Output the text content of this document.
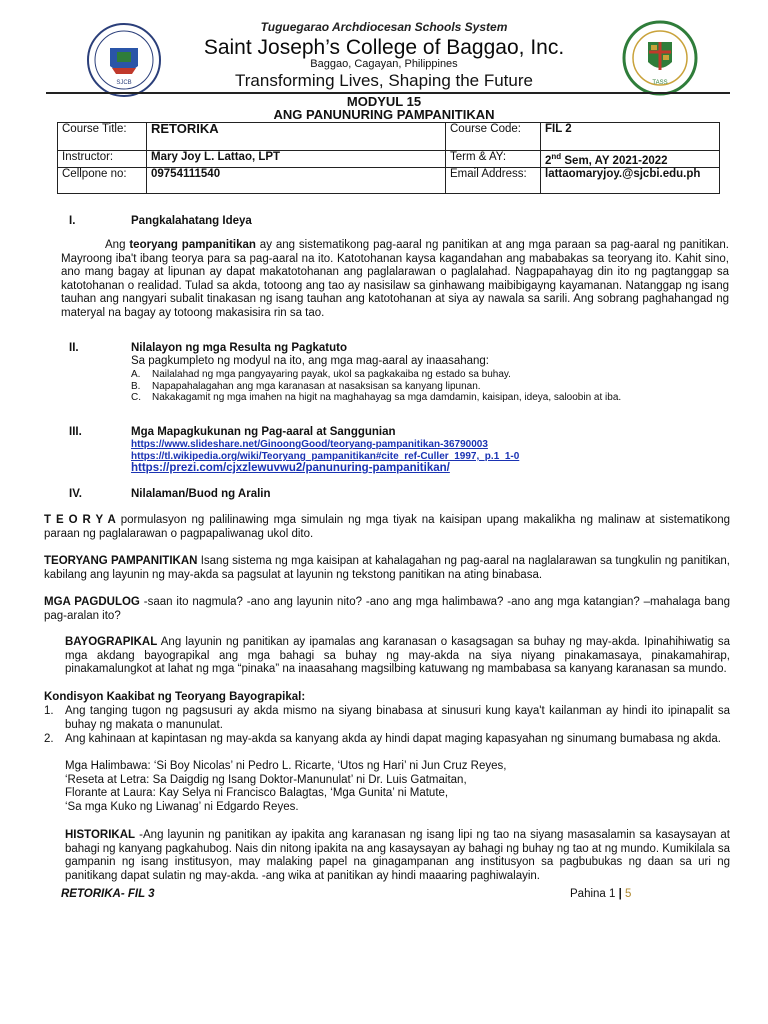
Tuguegarao Archdiocesan Schools System
Saint Joseph’s College of Baggao, Inc.
Baggao, Cagayan, Philippines
Transforming Lives, Shaping the Future
SJCB	TASS
MODYUL 15
ANG PANUNURING PAMPANITIKAN
Course Title:	RETORIKA	Course Code:	FIL 2
Instructor:	Mary Joy L. Lattao, LPT	Term & AY:	2nd Sem, AY 2021-2022
Cellpone no:	09754111540	Email Address:	lattaomaryjoy.@sjcbi.edu.ph
I.	Pangkalahatang Ideya
Ang teoryang pampanitikan ay ang sistematikong pag-aaral ng panitikan at ang mga paraan sa pag-aaral ng panitikan. Mayroong iba't ibang teorya para sa pag-aaral na ito. Katotohanan kaysa kagandahan ang mababakas sa teoryang ito. Kahit sino, ano mang bagay at lipunan ay dapat makatotohanan ang paglalarawan o paglalahad. Nagpapahayag din ito ng pagtanggap sa katotohanan o realidad. Tulad sa akda, totoong ang tao ay nasisilaw sa ginhawang maibibigayng kayamanan. Natanggap ng isang tauhan ang nangyari subalit tinakasan ng isang tauhan ang katotohanan at siya ay nawala sa sarili. Ang sobrang paghahangad ng materyal na bagay ay totoong makasisira rin sa tao.
II.	Nilalayon ng mga Resulta ng Pagkatuto
Sa pagkumpleto ng modyul na ito, ang mga mag-aaral ay inaasahang:
A.	Nailalahad ng mga pangyayaring payak, ukol sa pagkakaiba ng estado sa buhay.
B.	Napapahalagahan ang mga karanasan at nasaksisan sa kanyang lipunan.
C.	Nakakagamit ng mga imahen na higit na maghahayag sa mga damdamin, kaisipan, ideya, saloobin at iba.
III.	Mga Mapagkukunan ng Pag-aaral at Sanggunian
https://www.slideshare.net/GinoongGood/teoryang-pampanitikan-36790003
https://tl.wikipedia.org/wiki/Teoryang_pampanitikan#cite_ref-Culler_1997,_p.1_1-0
https://prezi.com/cjxzlewuvwu2/panunuring-pampanitikan/
IV.	Nilalaman/Buod ng Aralin
T E O R Y A pormulasyon ng palilinawing mga simulain ng mga tiyak na kaisipan upang makalikha ng malinaw at sistematikong paraan ng paglalarawan o pagpapaliwanag ukol dito.
TEORYANG PAMPANITIKAN Isang sistema ng mga kaisipan at kahalagahan ng pag-aaral na naglalarawan sa tungkulin ng panitikan, kabilang ang layunin ng may-akda sa pagsulat at layunin ng tekstong panitikan na ating binabasa.
MGA PAGDULOG -saan ito nagmula? -ano ang layunin nito? -ano ang mga halimbawa? -ano ang mga katangian? –mahalaga bang pag-aralan ito?
BAYOGRAPIKAL Ang layunin ng panitikan ay ipamalas ang karanasan o kasagsagan sa buhay ng may-akda. Ipinahihiwatig sa mga akdang bayograpikal ang mga bahagi sa buhay ng may-akda na siya niyang pinakamasaya, pinakamahirap, pinakamalungkot at lahat ng mga “pinaka” na inaasahang magsilbing katuwang ng mambabasa sa kanyang karanasan sa mundo.
Kondisyon Kaakibat ng Teoryang Bayograpikal:
1. Ang tanging tugon ng pagsusuri ay akda mismo na siyang binabasa at sinusuri kung kaya't kailanman ay hindi ito ipinapalit sa buhay ng makata o manunulat.
2. Ang kahinaan at kapintasan ng may-akda sa kanyang akda ay hindi dapat maging kapasyahan ng sinumang bumabasa ng akda.
Mga Halimbawa: ‘Si Boy Nicolas’ ni Pedro L. Ricarte, ‘Utos ng Hari’ ni Jun Cruz Reyes,
‘Reseta at Letra: Sa Daigdig ng Isang Doktor-Manunulat’ ni Dr. Luis Gatmaitan,
Florante at Laura: Kay Selya ni Francisco Balagtas, ‘Mga Gunita’ ni Matute,
‘Sa mga Kuko ng Liwanag’ ni Edgardo Reyes.
HISTORIKAL -Ang layunin ng panitikan ay ipakita ang karanasan ng isang lipi ng tao na siyang masasalamin sa kasaysayan at bahagi ng kanyang pagkahubog. Nais din nitong ipakita na ang kasaysayan ay bahagi ng buhay ng tao at ng mundo. Kumikilala sa gampanin ng isang institusyon, may malaking papel na ginagampanan ang institusyon sa pagbubukas ng daan sa uri ng panitikang dapat sulatin ng may-akda. -ang wika at panitikan ay hindi maaaring paghiwalayin.
RETORIKA- FIL 3	Pahina 1 | 5
